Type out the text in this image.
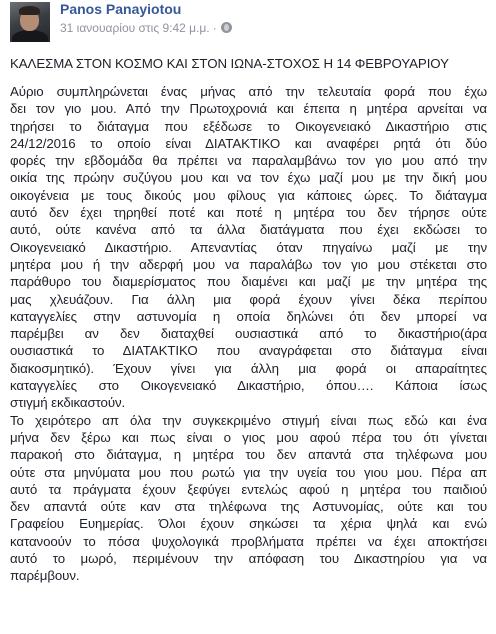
Panos Panayiotou
31 ιανουαρίου στις 9:42 μ.μ. ·
ΚΑΛΕΣΜΑ ΣΤΟΝ ΚΟΣΜΟ ΚΑΙ ΣΤΟΝ ΙΩΝΑ-ΣΤΟΧΟΣ Η 14 ΦΕΒΡΟΥΑΡΙΟΥ
Αύριο συμπληρώνεται ένας μήνας από την τελευταία φορά που έχω
δει τον γιο μου. Από την Πρωτοχρονιά και έπειτα η μητέρα αρνείται να
τηρήσει το διάταγμα που εξέδωσε το Οικογενειακό Δικαστήριο στις
24/12/2016 το οποίο είναι ΔΙΑΤΑΚΤΙΚΟ και αναφέρει ρητά ότι δύο
φορές την εβδομάδα θα πρέπει να παραλαμβάνω τον γιο μου από την
οικία της πρώην συζύγου μου και να τον έχω μαζί μου με την δική μου
οικογένεια με τους δικούς μου φίλους για κάποιες ώρες. Το διάταγμα
αυτό δεν έχει τηρηθεί ποτέ και ποτέ η μητέρα του δεν τήρησε ούτε
αυτό, ούτε κανένα από τα άλλα διατάγματα που έχει εκδώσει το
Οικογενειακό Δικαστήριο. Απεναντίας όταν πηγαίνω μαζί με την
μητέρα μου ή την αδερφή μου να παραλάβω τον γιο μου στέκεται στο
παράθυρο του διαμερίσματος που διαμένει και μαζί με την μητέρα της
μας χλευάζουν. Για άλλη μια φορά έχουν γίνει δέκα περίπου
καταγγελίες στην αστυνομία η οποία δηλώνει ότι δεν μπορεί να
παρέμβει αν δεν διαταχθεί ουσιαστικά από το δικαστήριο(άρα
ουσιαστικά το ΔΙΑΤΑΚΤΙΚΟ που αναγράφεται στο διάταγμα είναι
διακοσμητικό). Έχουν γίνει για άλλη μια φορά οι απαραίτητες
καταγγελίες στο Οικογενειακό Δικαστήριο, όπου…. Κάποια ίσως
στιγμή εκδικαστούν.
Το χειρότερο απ όλα την συγκεκριμένο στιγμή είναι πως εδώ και ένα
μήνα δεν ξέρω και πως είναι ο γιος μου αφού πέρα του ότι γίνεται
παρακοή στο διάταγμα, η μητέρα του δεν απαντά στα τηλέφωνα μου
ούτε στα μηνύματα μου που ρωτώ για την υγεία του γιου μου. Πέρα απ
αυτό τα πράγματα έχουν ξεφύγει εντελώς αφού η μητέρα του παιδιού
δεν απαντά ούτε καν στα τηλέφωνα της Αστυνομίας, ούτε και του
Γραφείου Ευημερίας. Όλοι έχουν σηκώσει τα χέρια ψηλά και ενώ
κατανοούν το πόσα ψυχολογικά προβλήματα πρέπει να έχει αποκτήσει
αυτό το μωρό, περιμένουν την απόφαση του Δικαστηρίου για να
παρέμβουν.
